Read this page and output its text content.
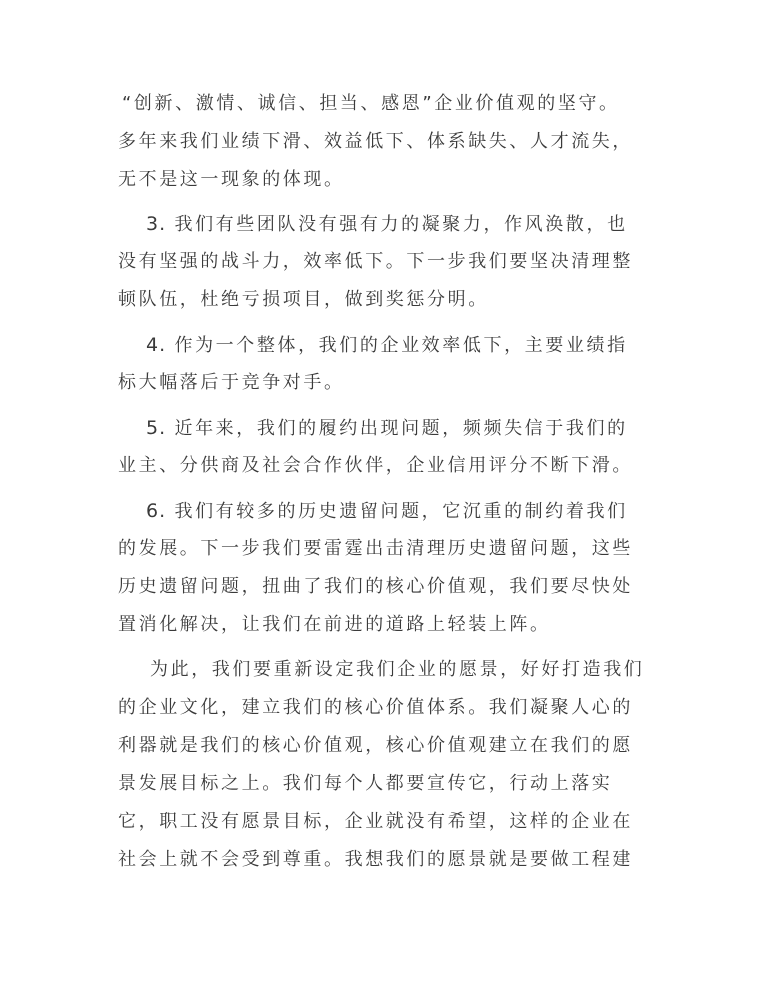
“创新、激情、诚信、担当、感恩”企业价值观的坚守。
多年来我们业绩下滑、效益低下、体系缺失、人才流失，
无不是这一现象的体现。
3. 我们有些团队没有强有力的凝聚力，作风涣散，也
没有坚强的战斗力，效率低下。下一步我们要坚决清理整
顿队伍，杜绝亏损项目，做到奖惩分明。
4. 作为一个整体，我们的企业效率低下，主要业绩指
标大幅落后于竞争对手。
5. 近年来，我们的履约出现问题，频频失信于我们的
业主、分供商及社会合作伙伴，企业信用评分不断下滑。
6. 我们有较多的历史遗留问题，它沉重的制约着我们
的发展。下一步我们要雷霆出击清理历史遗留问题，这些
历史遗留问题，扭曲了我们的核心价值观，我们要尽快处
置消化解决，让我们在前进的道路上轻装上阵。
为此，我们要重新设定我们企业的愿景，好好打造我们
的企业文化，建立我们的核心价值体系。我们凝聚人心的
利器就是我们的核心价值观，核心价值观建立在我们的愿
景发展目标之上。我们每个人都要宣传它，行动上落实
它，职工没有愿景目标，企业就没有希望，这样的企业在
社会上就不会受到尊重。我想我们的愿景就是要做工程建
